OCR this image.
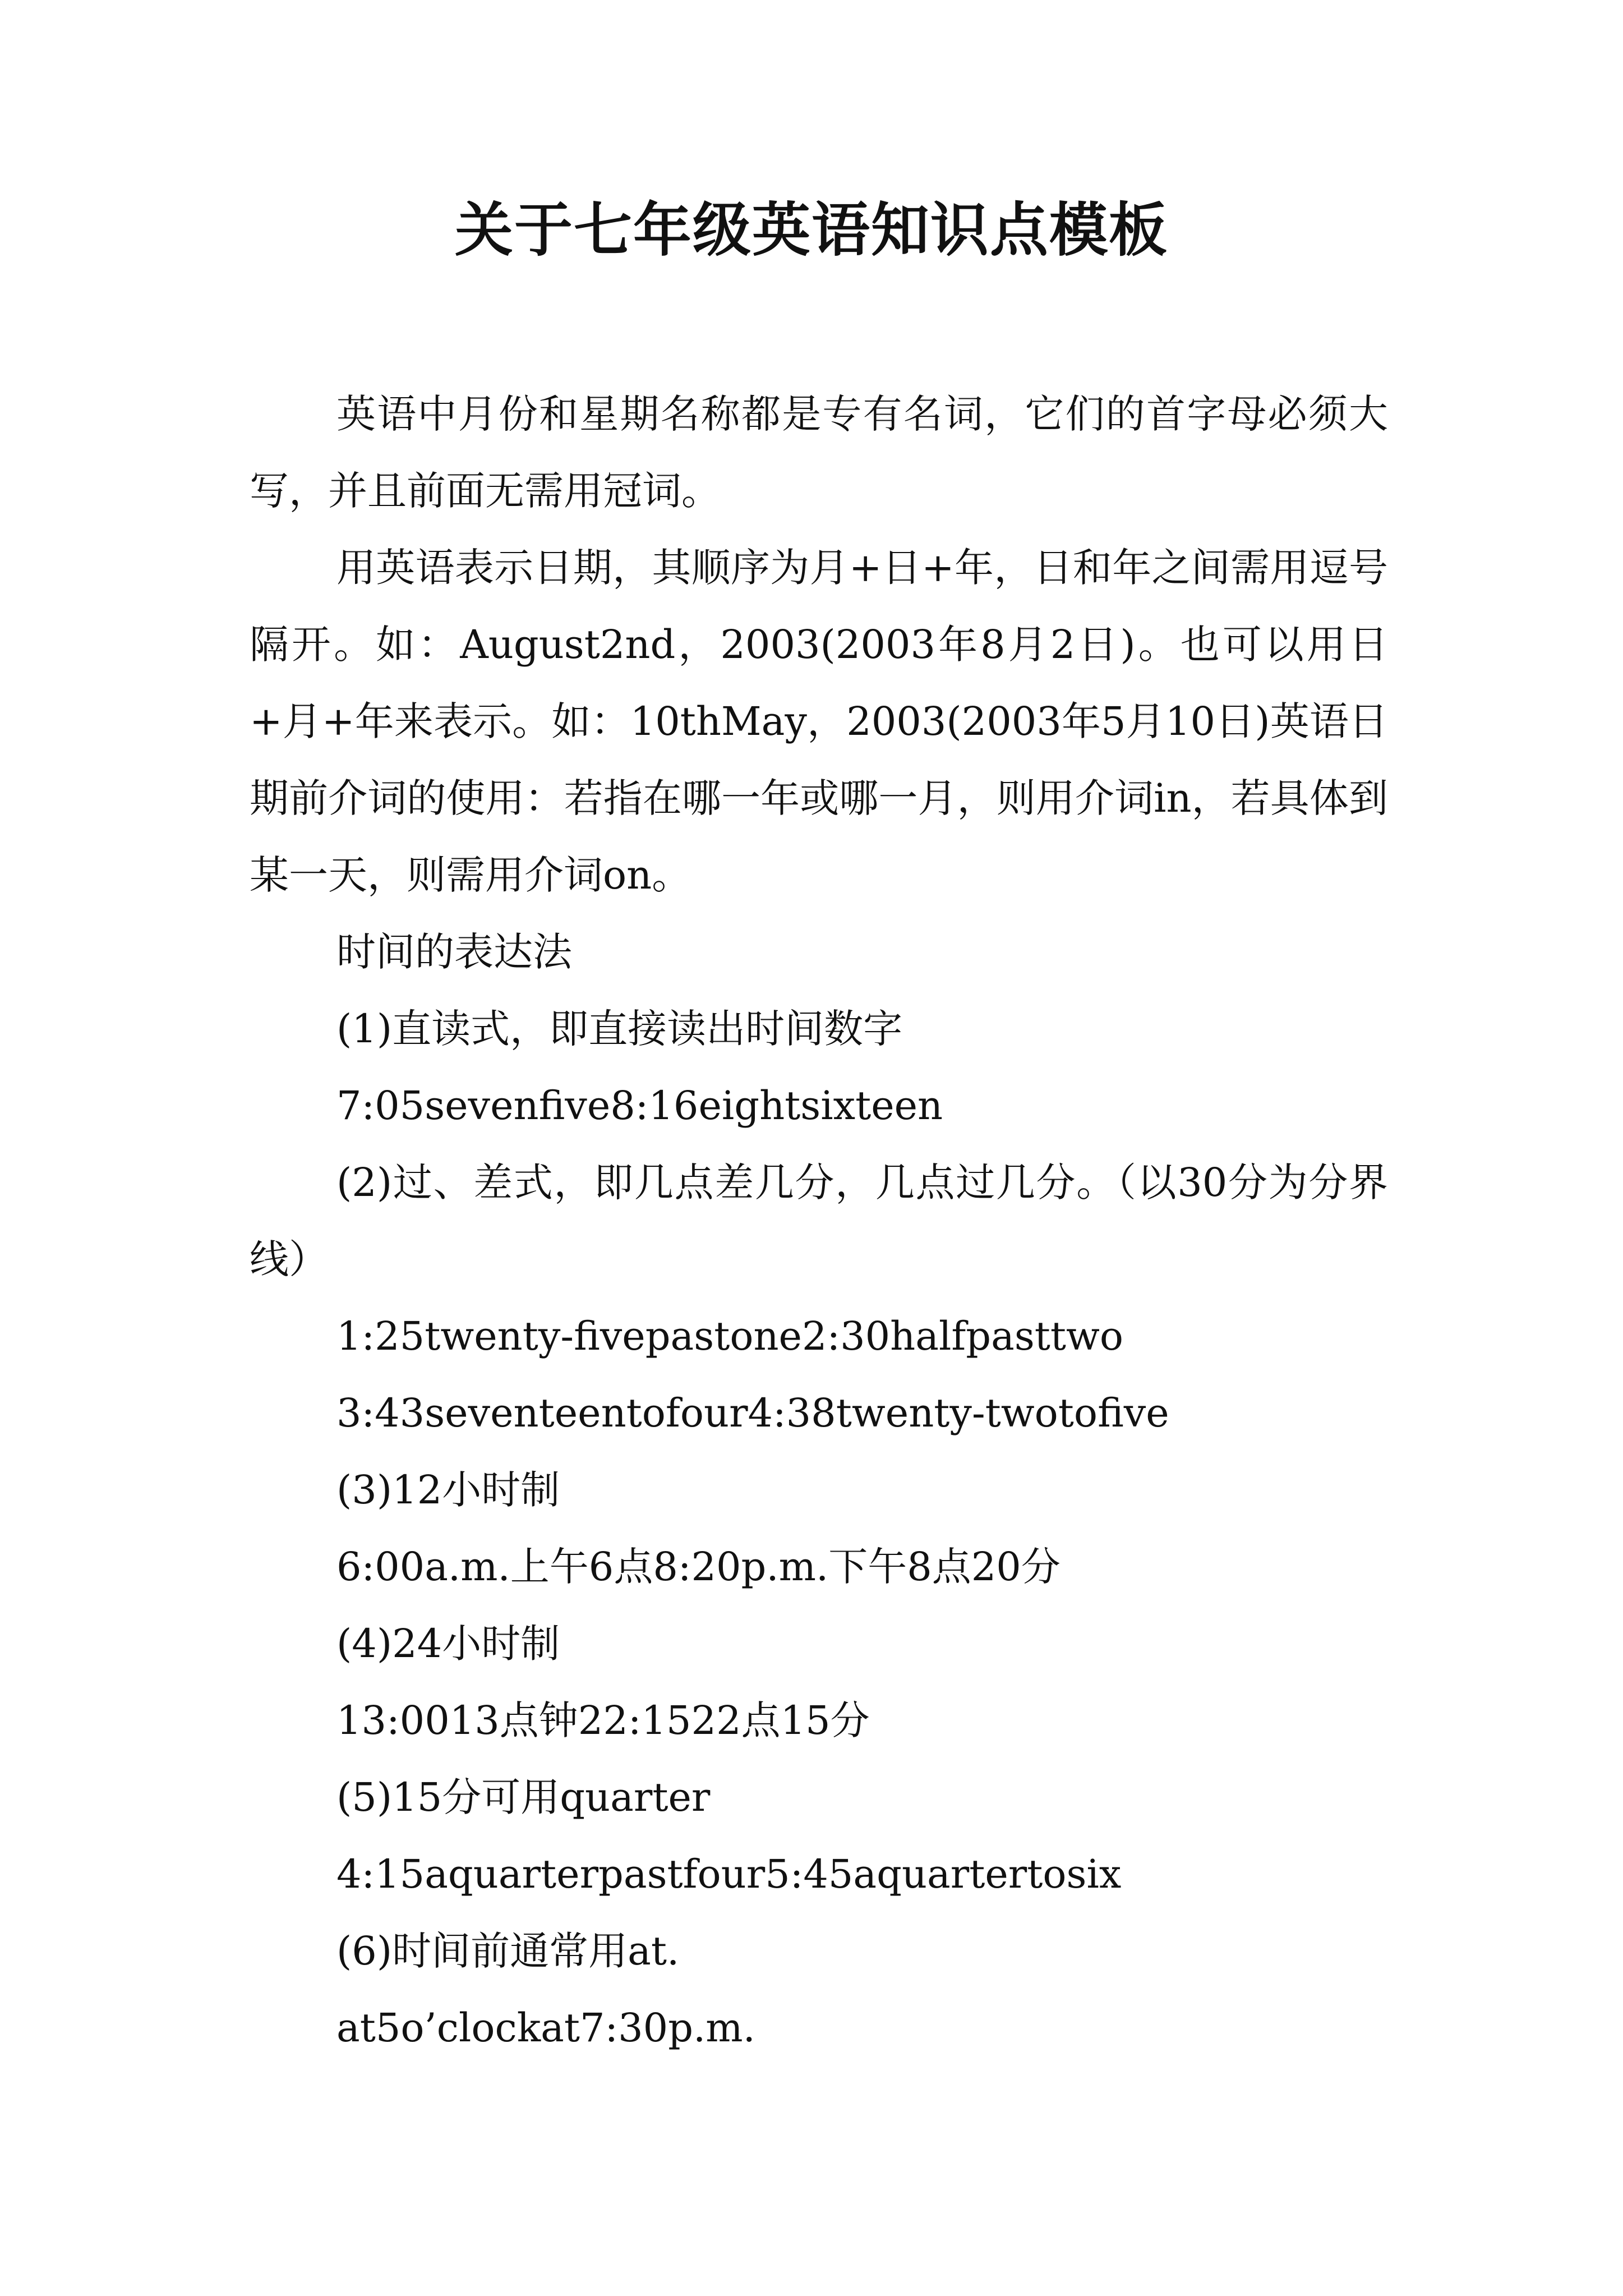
关于七年级英语知识点模板

英语中月份和星期名称都是专有名词，它们的首字母必须大写，并且前面无需用冠词。

用英语表示日期，其顺序为月+日+年，日和年之间需用逗号隔开。如：August2nd，2003(2003年8月2日)。也可以用日+月+年来表示。如：10thMay，2003(2003年5月10日)英语日期前介词的使用：若指在哪一年或哪一月，则用介词in，若具体到某一天，则需用介词on。

时间的表达法

(1)直读式，即直接读出时间数字

7:05sevenfive8:16eightsixteen

(2)过、差式，即几点差几分，几点过几分。（以30分为分界线）

1:25twenty-fivepastone2:30halfpasttwo

3:43seventeentofour4:38twenty-twotofive

(3)12小时制

6:00a.m.上午6点8:20p.m.下午8点20分

(4)24小时制

13:0013点钟22:1522点15分

(5)15分可用quarter

4:15aquarterpastfour5:45aquartertosix

(6)时间前通常用at.

at5o’clockat7:30p.m.
